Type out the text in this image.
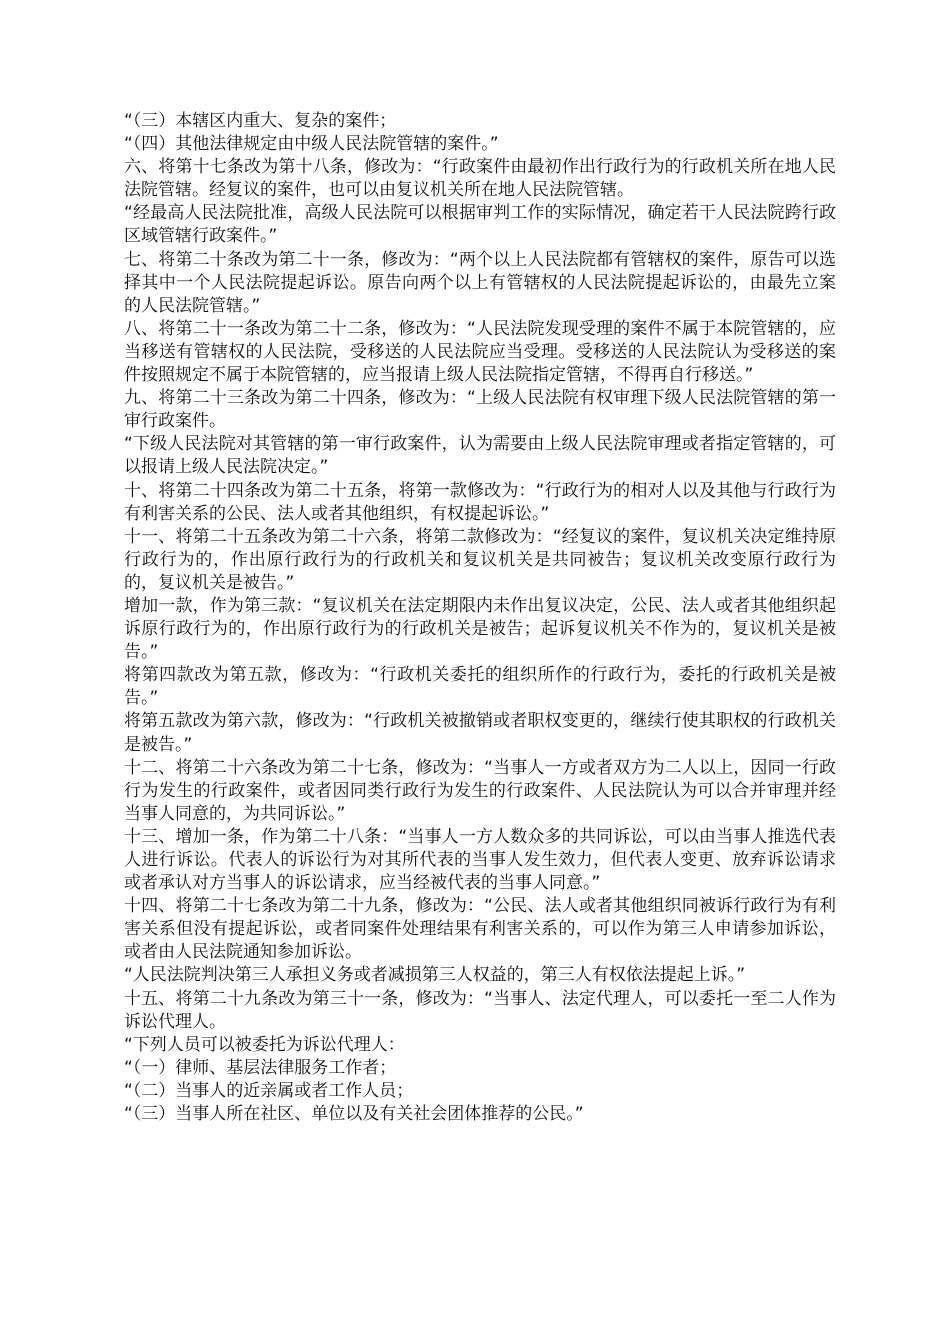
“（三）本辖区内重大、复杂的案件；

“（四）其他法律规定由中级人民法院管辖的案件。”

六、将第十七条改为第十八条，修改为：“行政案件由最初作出行政行为的行政机关所在地人民法院管辖。经复议的案件，也可以由复议机关所在地人民法院管辖。

“经最高人民法院批准，高级人民法院可以根据审判工作的实际情况，确定若干人民法院跨行政区域管辖行政案件。”

七、将第二十条改为第二十一条，修改为：“两个以上人民法院都有管辖权的案件，原告可以选择其中一个人民法院提起诉讼。原告向两个以上有管辖权的人民法院提起诉讼的，由最先立案的人民法院管辖。”

八、将第二十一条改为第二十二条，修改为：“人民法院发现受理的案件不属于本院管辖的，应当移送有管辖权的人民法院，受移送的人民法院应当受理。受移送的人民法院认为受移送的案件按照规定不属于本院管辖的，应当报请上级人民法院指定管辖，不得再自行移送。”

九、将第二十三条改为第二十四条，修改为：“上级人民法院有权审理下级人民法院管辖的第一审行政案件。

“下级人民法院对其管辖的第一审行政案件，认为需要由上级人民法院审理或者指定管辖的，可以报请上级人民法院决定。”

十、将第二十四条改为第二十五条，将第一款修改为：“行政行为的相对人以及其他与行政行为有利害关系的公民、法人或者其他组织，有权提起诉讼。”

十一、将第二十五条改为第二十六条，将第二款修改为：“经复议的案件，复议机关决定维持原行政行为的，作出原行政行为的行政机关和复议机关是共同被告；复议机关改变原行政行为的，复议机关是被告。”

增加一款，作为第三款：“复议机关在法定期限内未作出复议决定，公民、法人或者其他组织起诉原行政行为的，作出原行政行为的行政机关是被告；起诉复议机关不作为的，复议机关是被告。”

将第四款改为第五款，修改为：“行政机关委托的组织所作的行政行为，委托的行政机关是被告。”

将第五款改为第六款，修改为：“行政机关被撤销或者职权变更的，继续行使其职权的行政机关是被告。”

十二、将第二十六条改为第二十七条，修改为：“当事人一方或者双方为二人以上，因同一行政行为发生的行政案件，或者因同类行政行为发生的行政案件、人民法院认为可以合并审理并经当事人同意的，为共同诉讼。”

十三、增加一条，作为第二十八条：“当事人一方人数众多的共同诉讼，可以由当事人推选代表人进行诉讼。代表人的诉讼行为对其所代表的当事人发生效力，但代表人变更、放弃诉讼请求或者承认对方当事人的诉讼请求，应当经被代表的当事人同意。”

十四、将第二十七条改为第二十九条，修改为：“公民、法人或者其他组织同被诉行政行为有利害关系但没有提起诉讼，或者同案件处理结果有利害关系的，可以作为第三人申请参加诉讼，或者由人民法院通知参加诉讼。

“人民法院判决第三人承担义务或者减损第三人权益的，第三人有权依法提起上诉。”

十五、将第二十九条改为第三十一条，修改为：“当事人、法定代理人，可以委托一至二人作为诉讼代理人。

“下列人员可以被委托为诉讼代理人：

“（一）律师、基层法律服务工作者；

“（二）当事人的近亲属或者工作人员；

“（三）当事人所在社区、单位以及有关社会团体推荐的公民。”
